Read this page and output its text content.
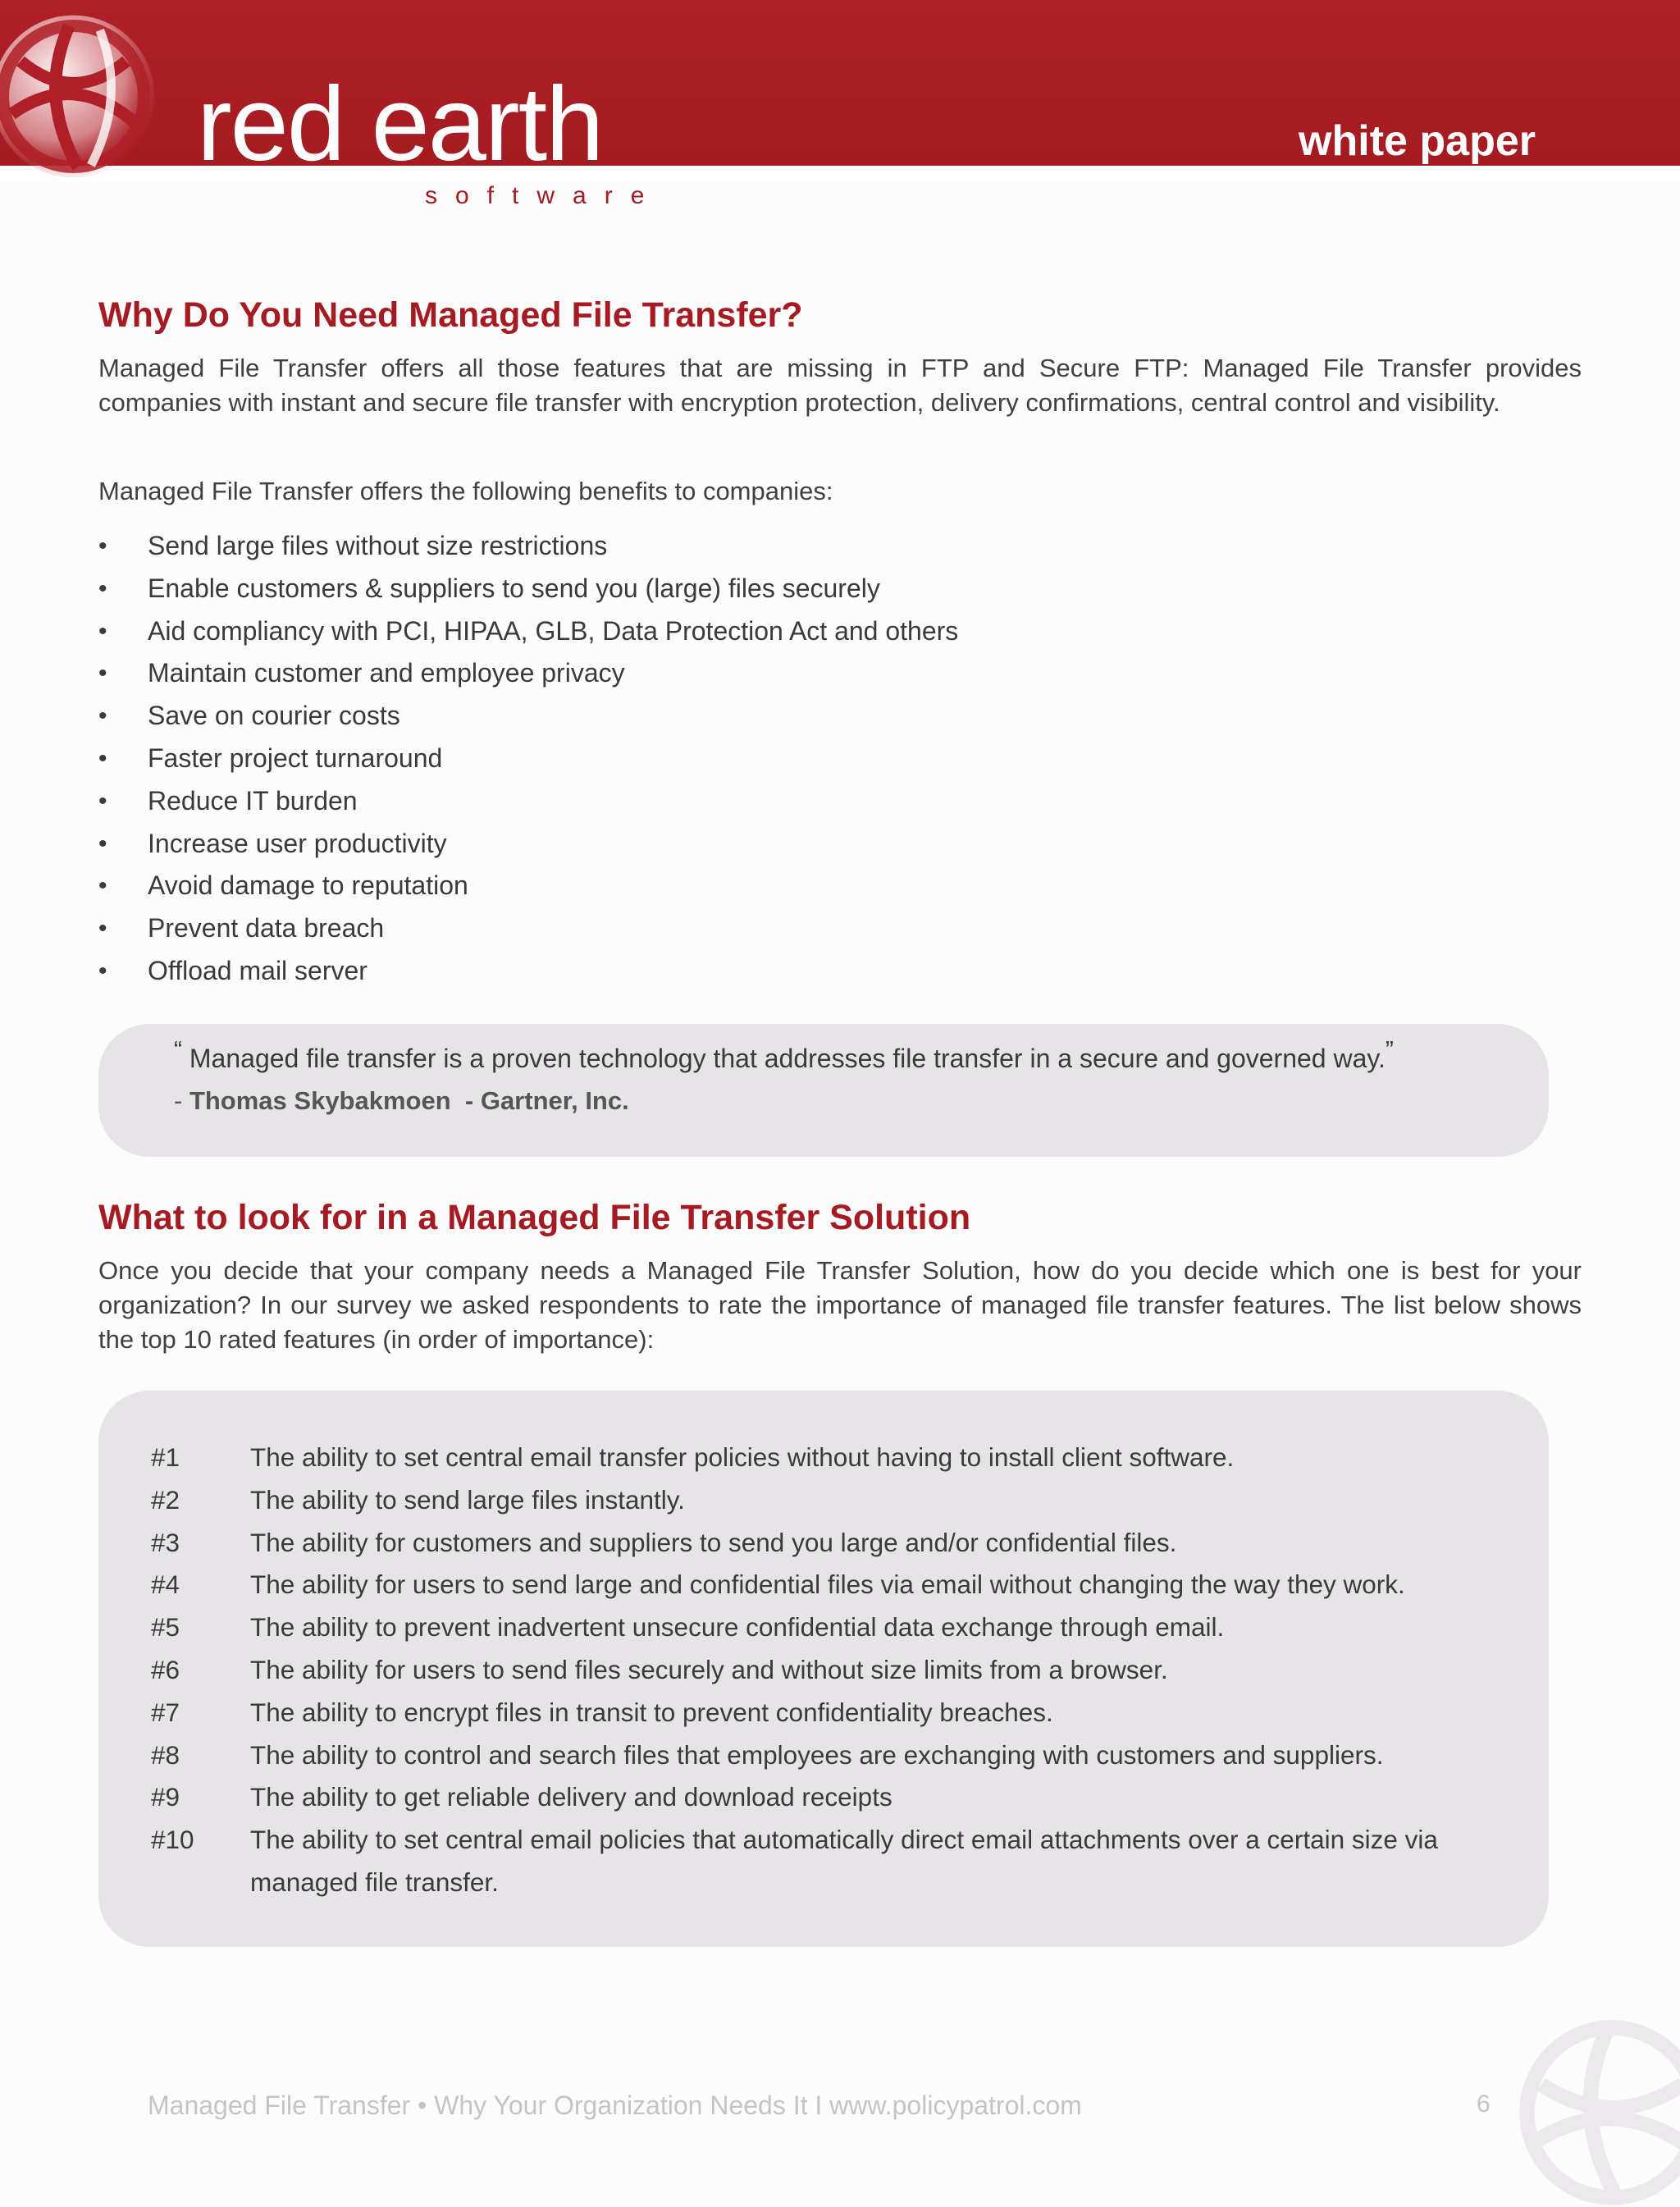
red earth
software
white paper
Why Do You Need Managed File Transfer?

Managed File Transfer offers all those features that are missing in FTP and Secure FTP: Managed File Transfer provides companies with instant and secure file transfer with encryption protection, delivery confirmations, central control and visibility.

Managed File Transfer offers the following benefits to companies:

• Send large files without size restrictions
• Enable customers & suppliers to send you (large) files securely
• Aid compliancy with PCI, HIPAA, GLB, Data Protection Act and others
• Maintain customer and employee privacy
• Save on courier costs
• Faster project turnaround
• Reduce IT burden
• Increase user productivity
• Avoid damage to reputation
• Prevent data breach
• Offload mail server
“ Managed file transfer is a proven technology that addresses file transfer in a secure and governed way.”
- Thomas Skybakmoen - Gartner, Inc.
What to look for in a Managed File Transfer Solution

Once you decide that your company needs a Managed File Transfer Solution, how do you decide which one is best for your organization? In our survey we asked respondents to rate the importance of managed file transfer features. The list below shows the top 10 rated features (in order of importance):

#1	The ability to set central email transfer policies without having to install client software.
#2	The ability to send large files instantly.
#3	The ability for customers and suppliers to send you large and/or confidential files.
#4	The ability for users to send large and confidential files via email without changing the way they work.
#5	The ability to prevent inadvertent unsecure confidential data exchange through email.
#6	The ability for users to send files securely and without size limits from a browser.
#7	The ability to encrypt files in transit to prevent confidentiality breaches.
#8	The ability to control and search files that employees are exchanging with customers and suppliers.
#9	The ability to get reliable delivery and download receipts
#10 The ability to set central email policies that automatically direct email attachments over a certain size via managed file transfer.
Managed File Transfer • Why Your Organization Needs It I www.policypatrol.com	6
